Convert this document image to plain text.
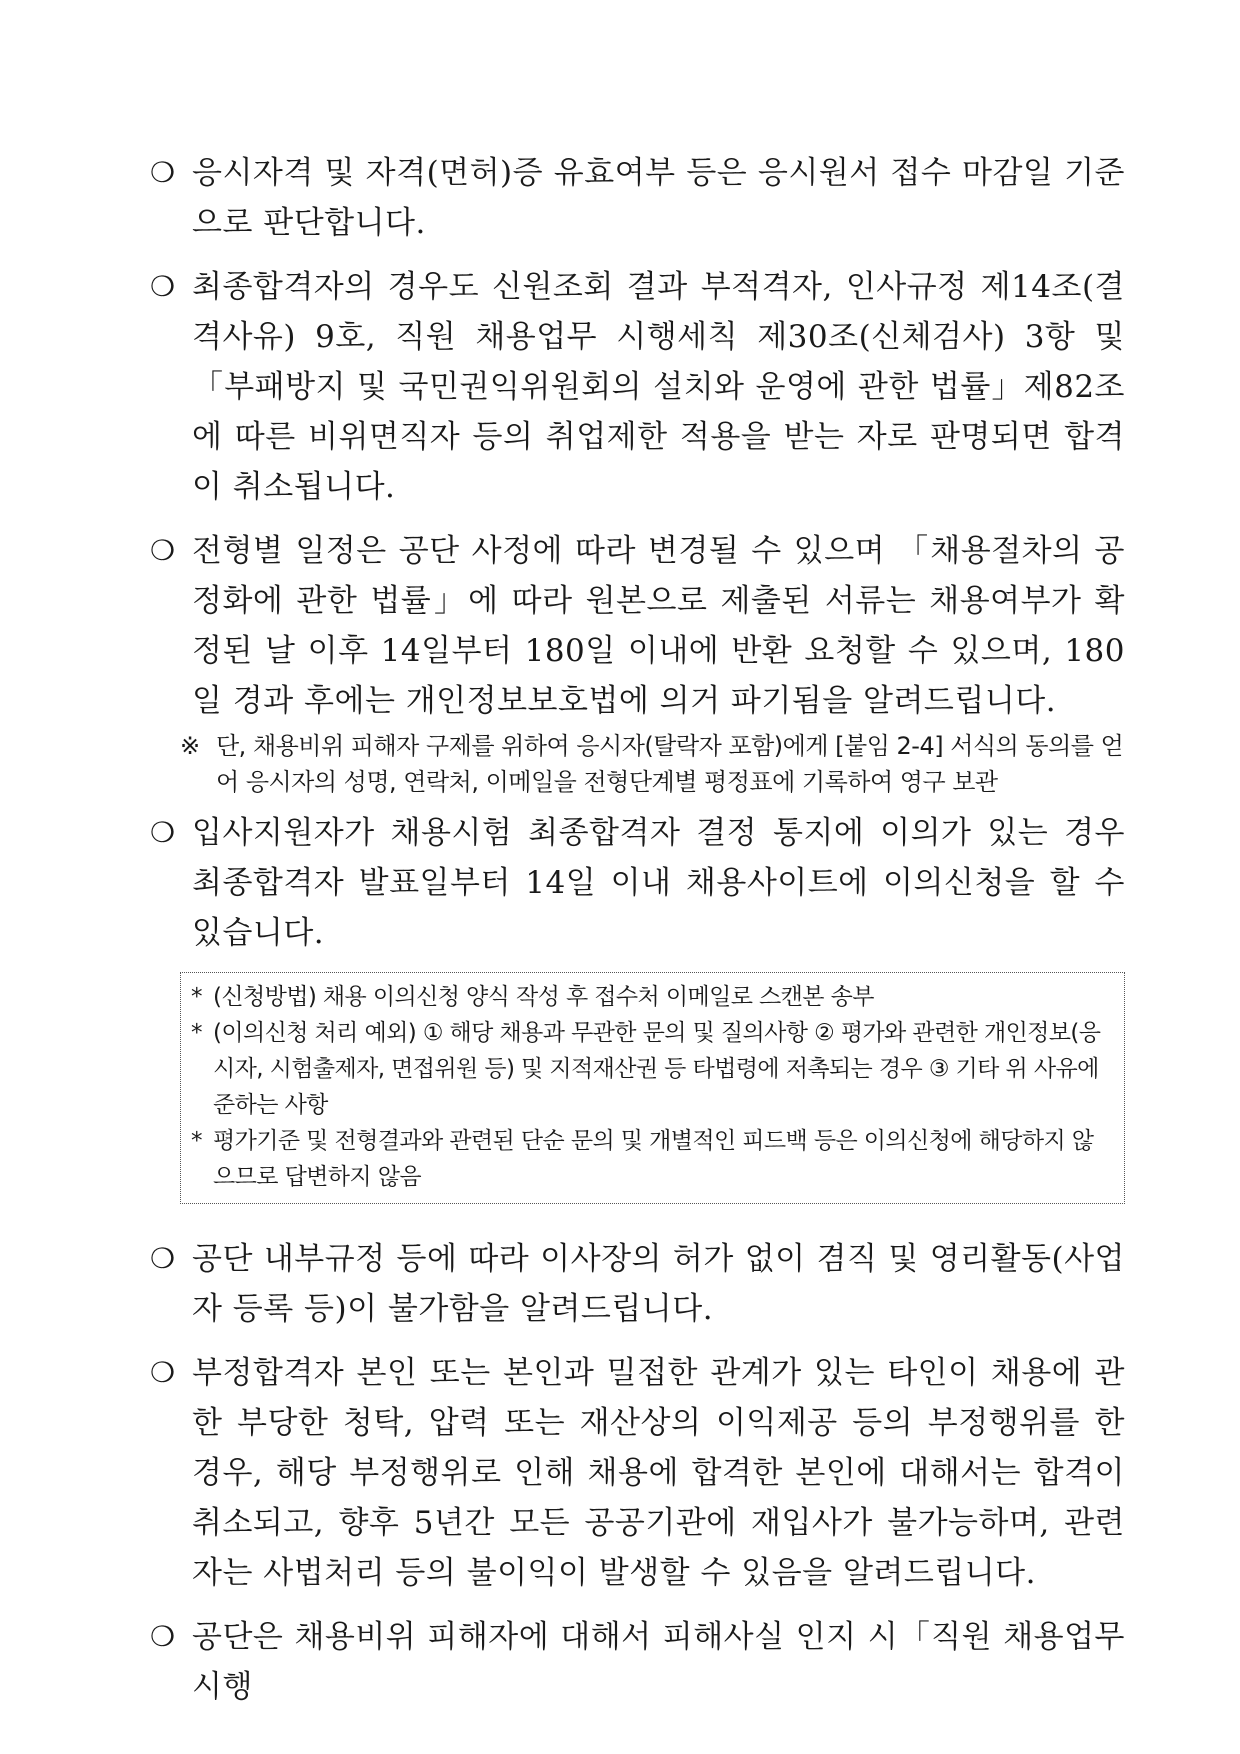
❍ 응시자격 및 자격(면허)증 유효여부 등은 응시원서 접수 마감일 기준으로 판단합니다.
❍ 최종합격자의 경우도 신원조회 결과 부적격자, 인사규정 제14조(결격사유) 9호, 직원 채용업무 시행세칙 제30조(신체검사) 3항 및「부패방지 및 국민권익위원회의 설치와 운영에 관한 법률」제82조에 따른 비위면직자 등의 취업제한 적용을 받는 자로 판명되면 합격이 취소됩니다.
❍ 전형별 일정은 공단 사정에 따라 변경될 수 있으며 「채용절차의 공정화에 관한 법률」에 따라 원본으로 제출된 서류는 채용여부가 확정된 날 이후 14일부터 180일 이내에 반환 요청할 수 있으며, 180일 경과 후에는 개인정보보호법에 의거 파기됨을 알려드립니다.
※ 단, 채용비위 피해자 구제를 위하여 응시자(탈락자 포함)에게 [붙임 2-4] 서식의 동의를 얻어 응시자의 성명, 연락처, 이메일을 전형단계별 평정표에 기록하여 영구 보관
❍ 입사지원자가 채용시험 최종합격자 결정 통지에 이의가 있는 경우 최종합격자 발표일부터 14일 이내 채용사이트에 이의신청을 할 수 있습니다.
* (신청방법) 채용 이의신청 양식 작성 후 접수처 이메일로 스캔본 송부
* (이의신청 처리 예외) ① 해당 채용과 무관한 문의 및 질의사항 ② 평가와 관련한 개인정보(응시자, 시험출제자, 면접위원 등) 및 지적재산권 등 타법령에 저촉되는 경우 ③ 기타 위 사유에 준하는 사항
* 평가기준 및 전형결과와 관련된 단순 문의 및 개별적인 피드백 등은 이의신청에 해당하지 않으므로 답변하지 않음
❍ 공단 내부규정 등에 따라 이사장의 허가 없이 겸직 및 영리활동(사업자 등록 등)이 불가함을 알려드립니다.
❍ 부정합격자 본인 또는 본인과 밀접한 관계가 있는 타인이 채용에 관한 부당한 청탁, 압력 또는 재산상의 이익제공 등의 부정행위를 한 경우, 해당 부정행위로 인해 채용에 합격한 본인에 대해서는 합격이 취소되고, 향후 5년간 모든 공공기관에 재입사가 불가능하며, 관련자는 사법처리 등의 불이익이 발생할 수 있음을 알려드립니다.
❍ 공단은 채용비위 피해자에 대해서 피해사실 인지 시「직원 채용업무 시행
